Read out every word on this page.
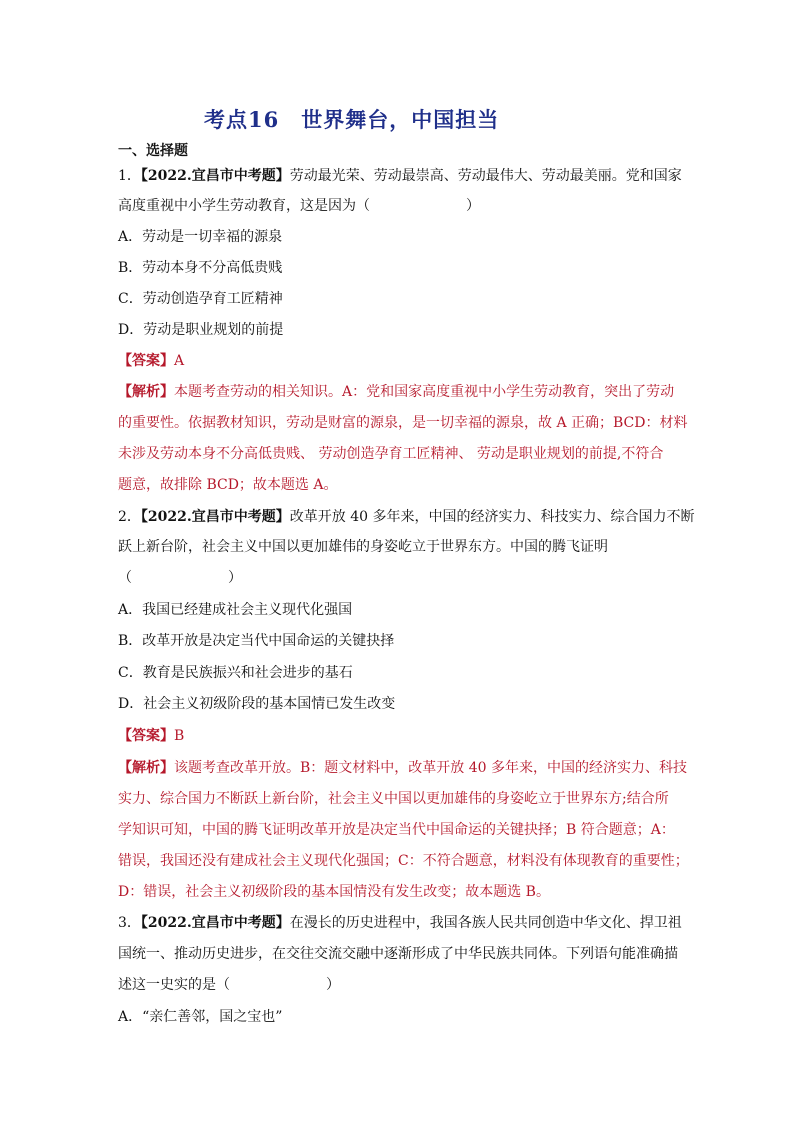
考点16　世界舞台，中国担当
一、选择题
1．【2022.宜昌市中考题】劳动最光荣、劳动最崇高、劳动最伟大、劳动最美丽。党和国家
高度重视中小学生劳动教育，这是因为（	）
A．劳动是一切幸福的源泉
B．劳动本身不分高低贵贱
C．劳动创造孕育工匠精神
D．劳动是职业规划的前提
【答案】A
【解析】本题考查劳动的相关知识。A：党和国家高度重视中小学生劳动教育，突出了劳动
的重要性。依据教材知识，劳动是财富的源泉，是一切幸福的源泉，故 A 正确；BCD：材料
未涉及劳动本身不分高低贵贱、 劳动创造孕育工匠精神、 劳动是职业规划的前提,不符合
题意，故排除 BCD；故本题选 A。
2．【2022.宜昌市中考题】改革开放 40 多年来，中国的经济实力、科技实力、综合国力不断
跃上新台阶，社会主义中国以更加雄伟的身姿屹立于世界东方。中国的腾飞证明
（	）
A．我国已经建成社会主义现代化强国
B．改革开放是决定当代中国命运的关键抉择
C．教育是民族振兴和社会进步的基石
D．社会主义初级阶段的基本国情已发生改变
【答案】B
【解析】该题考查改革开放。B：题文材料中，改革开放 40 多年来，中国的经济实力、科技
实力、综合国力不断跃上新台阶，社会主义中国以更加雄伟的身姿屹立于世界东方;结合所
学知识可知，中国的腾飞证明改革开放是决定当代中国命运的关键抉择；B 符合题意；A：
错误，我国还没有建成社会主义现代化强国；C：不符合题意，材料没有体现教育的重要性；
D：错误，社会主义初级阶段的基本国情没有发生改变；故本题选 B。
3．【2022.宜昌市中考题】在漫长的历史进程中，我国各族人民共同创造中华文化、捍卫祖
国统一、推动历史进步，在交往交流交融中逐渐形成了中华民族共同体。下列语句能准确描
述这一史实的是（	）
A．“亲仁善邻，国之宝也”
